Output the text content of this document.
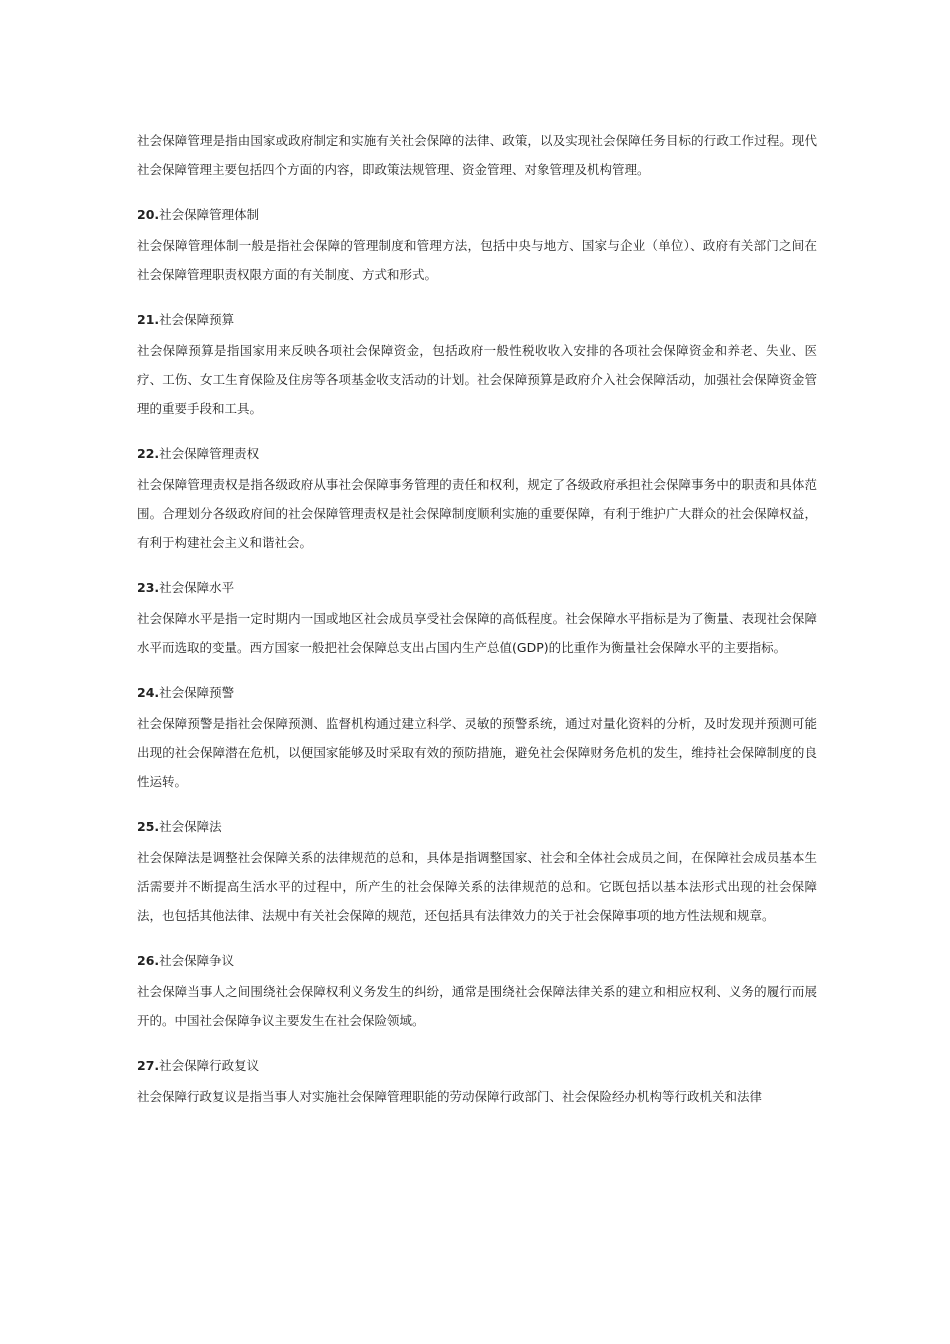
社会保障管理是指由国家或政府制定和实施有关社会保障的法律、政策，以及实现社会保障任务目标的行政工作过程。现代社会保障管理主要包括四个方面的内容，即政策法规管理、资金管理、对象管理及机构管理。

20.社会保障管理体制

社会保障管理体制一般是指社会保障的管理制度和管理方法，包括中央与地方、国家与企业（单位）、政府有关部门之间在社会保障管理职责权限方面的有关制度、方式和形式。

21.社会保障预算

社会保障预算是指国家用来反映各项社会保障资金，包括政府一般性税收收入安排的各项社会保障资金和养老、失业、医疗、工伤、女工生育保险及住房等各项基金收支活动的计划。社会保障预算是政府介入社会保障活动，加强社会保障资金管理的重要手段和工具。

22.社会保障管理责权

社会保障管理责权是指各级政府从事社会保障事务管理的责任和权利，规定了各级政府承担社会保障事务中的职责和具体范围。合理划分各级政府间的社会保障管理责权是社会保障制度顺利实施的重要保障，有利于维护广大群众的社会保障权益，有利于构建社会主义和谐社会。

23.社会保障水平

社会保障水平是指一定时期内一国或地区社会成员享受社会保障的高低程度。社会保障水平指标是为了衡量、表现社会保障水平而选取的变量。西方国家一般把社会保障总支出占国内生产总值(GDP)的比重作为衡量社会保障水平的主要指标。

24.社会保障预警

社会保障预警是指社会保障预测、监督机构通过建立科学、灵敏的预警系统，通过对量化资料的分析，及时发现并预测可能出现的社会保障潜在危机，以便国家能够及时采取有效的预防措施，避免社会保障财务危机的发生，维持社会保障制度的良性运转。

25.社会保障法

社会保障法是调整社会保障关系的法律规范的总和，具体是指调整国家、社会和全体社会成员之间，在保障社会成员基本生活需要并不断提高生活水平的过程中，所产生的社会保障关系的法律规范的总和。它既包括以基本法形式出现的社会保障法，也包括其他法律、法规中有关社会保障的规范，还包括具有法律效力的关于社会保障事项的地方性法规和规章。

26.社会保障争议

社会保障当事人之间围绕社会保障权利义务发生的纠纷，通常是围绕社会保障法律关系的建立和相应权利、义务的履行而展开的。中国社会保障争议主要发生在社会保险领域。

27.社会保障行政复议

社会保障行政复议是指当事人对实施社会保障管理职能的劳动保障行政部门、社会保险经办机构等行政机关和法律
